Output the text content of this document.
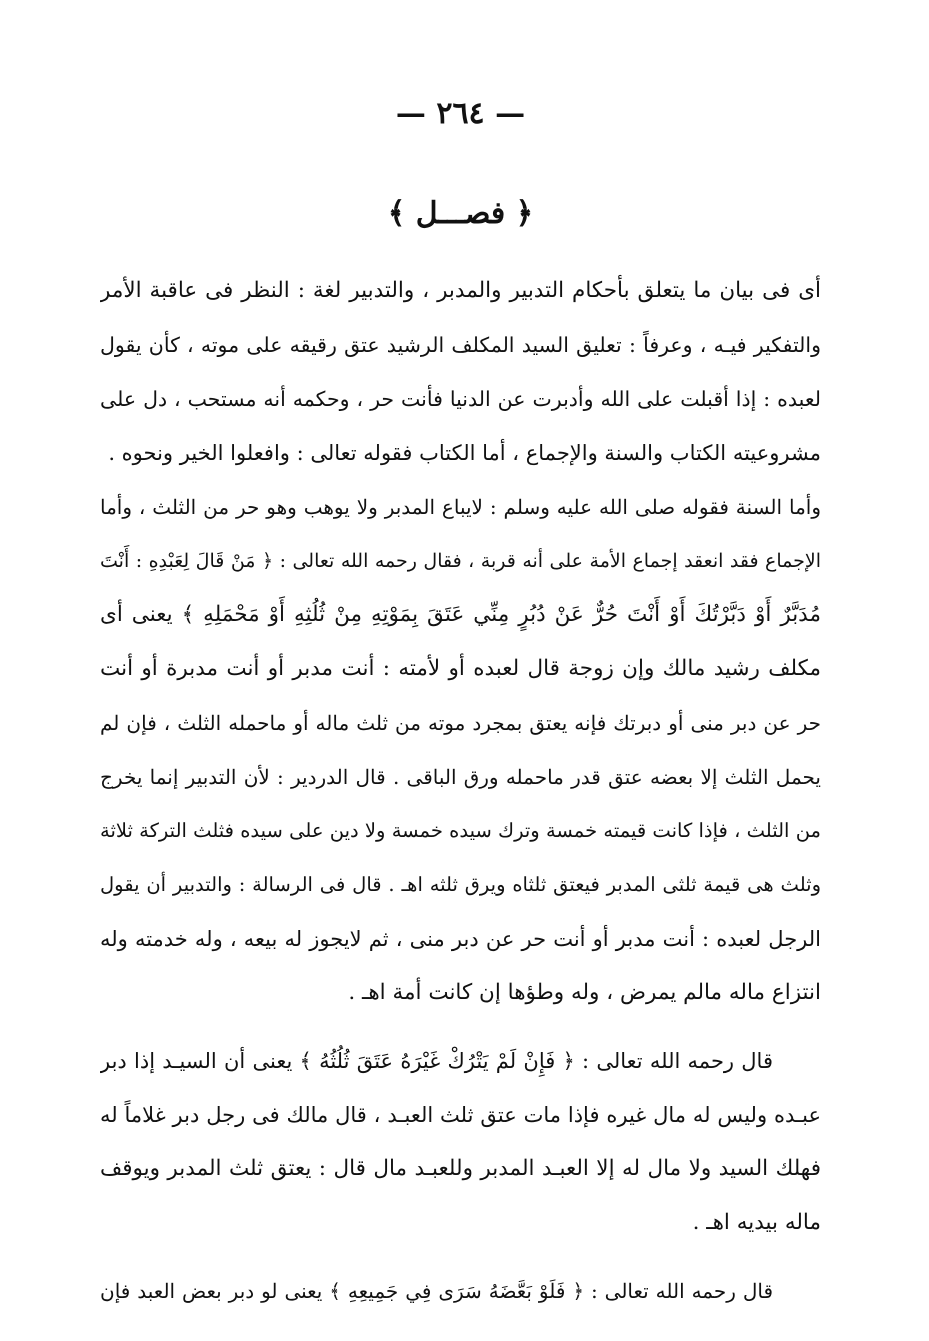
— ٢٦٤ —
﴿ فصـــل ﴾
أى فى بيان ما يتعلق بأحكام التدبير والمدبر ، والتدبير لغة : النظر فى عاقبة الأمر
والتفكير فيـه ، وعرفاً : تعليق السيد المكلف الرشيد عتق رقيقه على موته ، كأن يقول
لعبده : إذا أقبلت على الله وأدبرت عن الدنيا فأنت حر ، وحكمه أنه مستحب ، دل على
مشروعيته الكتاب والسنة والإجماع ، أما الكتاب فقوله تعالى : وافعلوا الخير ونحوه .
وأما السنة فقوله صلى الله عليه وسلم : لايباع المدبر ولا يوهب وهو حر من الثلث ، وأما
الإجماع فقد انعقد إجماع الأمة على أنه قربة ، فقال رحمه الله تعالى : ﴿ مَنْ قَالَ لِعَبْدِهِ : أَنْتَ
مُدَبَّرٌ أَوْ دَبَّرْتُكَ أَوْ أَنْتَ حُرٌّ عَنْ دُبُرٍ مِنِّي عَتَقَ بِمَوْتِهِ مِنْ ثُلُثِهِ أَوْ مَحْمَلِهِ ﴾ يعنى أى
مكلف رشيد مالك وإن زوجة قال لعبده أو لأمته : أنت مدبر أو أنت مدبرة أو أنت
حر عن دبر منى أو دبرتك فإنه يعتق بمجرد موته من ثلث ماله أو ماحمله الثلث ، فإن لم
يحمل الثلث إلا بعضه عتق قدر ماحمله ورق الباقى . قال الدردير : لأن التدبير إنما يخرج
من الثلث ، فإذا كانت قيمته خمسة وترك سيده خمسة ولا دين على سيده فثلث التركة ثلاثة
وثلث هى قيمة ثلثى المدبر فيعتق ثلثاه ويرق ثلثه اهـ . قال فى الرسالة : والتدبير أن يقول
الرجل لعبده : أنت مدبر أو أنت حر عن دبر منى ، ثم لايجوز له بيعه ، وله خدمته وله
انتزاع ماله مالم يمرض ، وله وطؤها إن كانت أمة اهـ .
قال رحمه الله تعالى : ﴿ فَإِنْ لَمْ يَتْرُكْ غَيْرَهُ عَتَقَ ثُلُثُهُ ﴾ يعنى أن السيـد إذا دبر
عبـده وليس له مال غيره فإذا مات عتق ثلث العبـد ، قال مالك فى رجل دبر غلاماً له
فهلك السيد ولا مال له إلا العبـد المدبر وللعبـد مال قال : يعتق ثلث المدبر ويوقف
ماله بيديه اهـ .
قال رحمه الله تعالى : ﴿ فَلَوْ بَعَّضَهُ سَرَى فِي جَمِيعِهِ ﴾ يعنى لو دبر بعض العبد فإن
